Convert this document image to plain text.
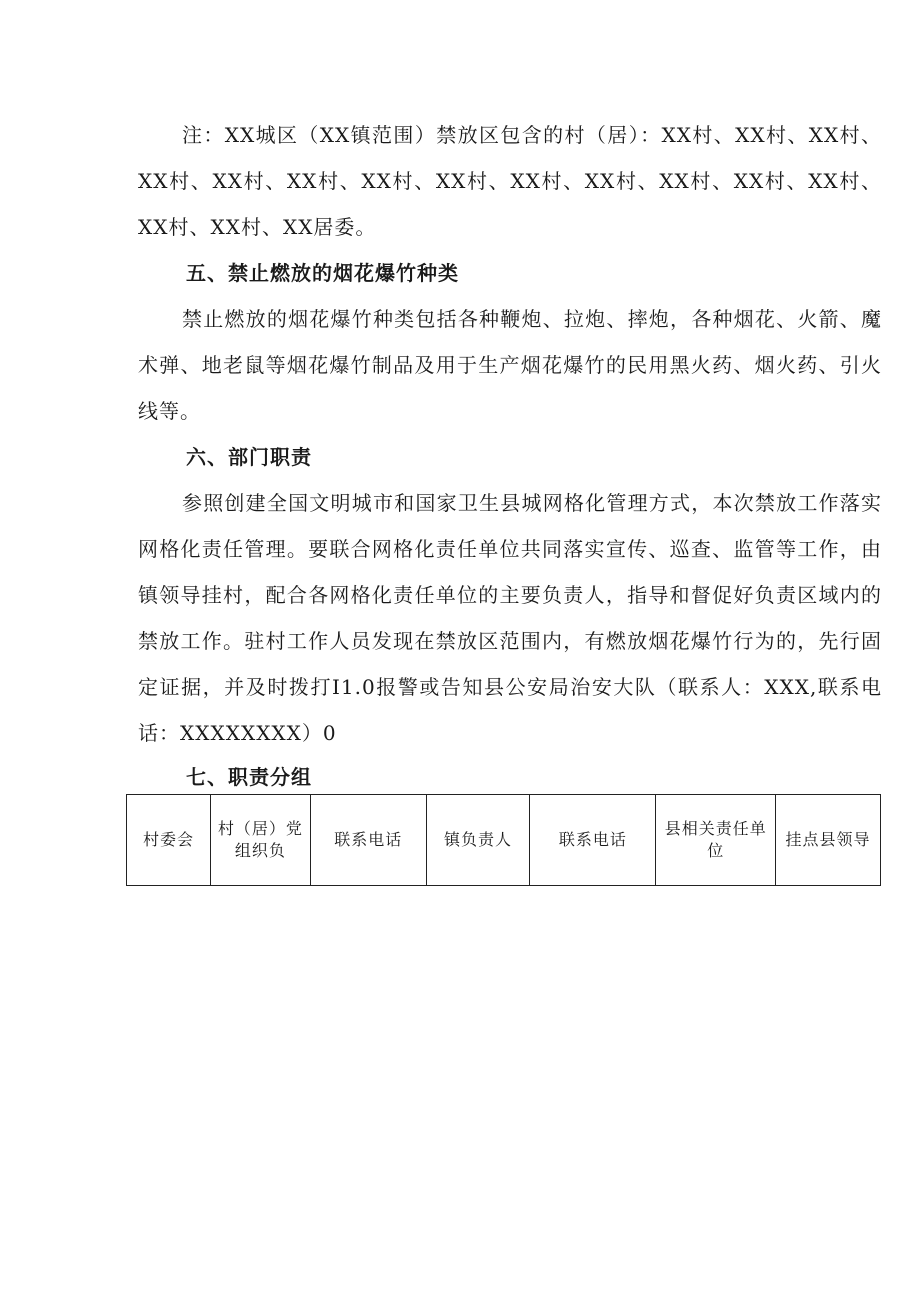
注：XX城区（XX镇范围）禁放区包含的村（居）：XX村、XX村、XX村、XX村、XX村、XX村、XX村、XX村、XX村、XX村、XX村、XX村、XX村、XX村、XX村、XX居委。

五、禁止燃放的烟花爆竹种类

禁止燃放的烟花爆竹种类包括各种鞭炮、拉炮、摔炮，各种烟花、火箭、魔术弹、地老鼠等烟花爆竹制品及用于生产烟花爆竹的民用黑火药、烟火药、引火线等。

六、部门职责

参照创建全国文明城市和国家卫生县城网格化管理方式，本次禁放工作落实网格化责任管理。要联合网格化责任单位共同落实宣传、巡查、监管等工作，由镇领导挂村，配合各网格化责任单位的主要负责人，指导和督促好负责区域内的禁放工作。驻村工作人员发现在禁放区范围内，有燃放烟花爆竹行为的，先行固定证据，并及时拨打I1.0报警或告知县公安局治安大队（联系人：XXX,联系电话：XXXXXXXX）0

七、职责分组
村委会	村（居）党组织负	联系电话	镇负责人	联系电话	县相关责任单位	挂点县领导
